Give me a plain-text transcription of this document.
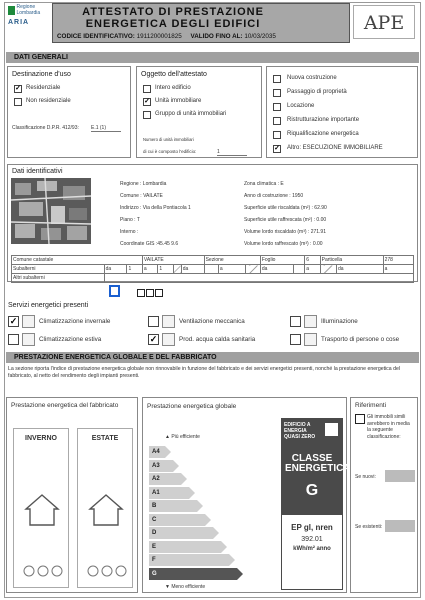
Regione Lombardia
ARIA
ATTESTATO DI PRESTAZIONE
ENERGETICA DEGLI EDIFICI
CODICE IDENTIFICATIVO: 1911200001825 VALIDO FINO AL: 10/03/2035
APE
DATI GENERALI
Destinazione d'uso
✓ Residenziale
Non residenziale
Classificazione D.P.R. 412/93: E.1 (1)
Oggetto dell'attestato
Intero edificio
✓ Unità immobiliare
Gruppo di unità immobiliari
Numero di unità immobiliari
di cui è composto l'edificio:	1
Nuova costruzione
Passaggio di proprietà
Locazione
Ristrutturazione importante
Riqualificazione energetica
✓ Altro: ESECUZIONE IMMOBILIARE
Dati identificativi
Regione : Lombardia
Comune : VAILATE
Indirizzo : Via della Pontiacola 1
Piano : T
Interno :
Coordinate GIS :45.45 9.6
Zona climatica : E
Anno di costruzione : 1950
Superficie utile riscaldata (m²) : 62.90
Superficie utile raffrescata (m²) : 0.00
Volume lordo riscaldato (m³) : 271.91
Volume lordo raffrescato (m³) : 0.00
Comune catastale			VAILATE				Sezione			Foglio		6	Particella		278
Subalterni	da	1	a	1		da		a		da		a		da	a
Altri subalterni															
Servizi energetici presenti
✓	Climatizzazione invernale
Climatizzazione estiva
Ventilazione meccanica
✓	Prod. acqua calda sanitaria
Illuminazione
Trasporto di persone o cose
PRESTAZIONE ENERGETICA GLOBALE E DEL FABBRICATO
La sezione riporta l'indice di prestazione energetica globale non rinnovabile in funzione del fabbricato e dei servizi energetici presenti, nonché la prestazione energetica del fabbricato, al netto del rendimento degli impianti presenti.
Prestazione energetica del fabbricato
INVERNO	ESTATE
Prestazione energetica globale
▲ Più efficiente
▼ Meno efficiente
EDIFICIO A ENERGIA QUASI ZERO
CLASSE ENERGETICA
G
EP gl, nren
392.01
kWh/m² anno
A4
A3
A2
A1
B
C
D
E
F
G
Riferimenti
Gli immobili simili avrebbero in media la seguente classificazione:
Se nuovi:
Se esistenti:
